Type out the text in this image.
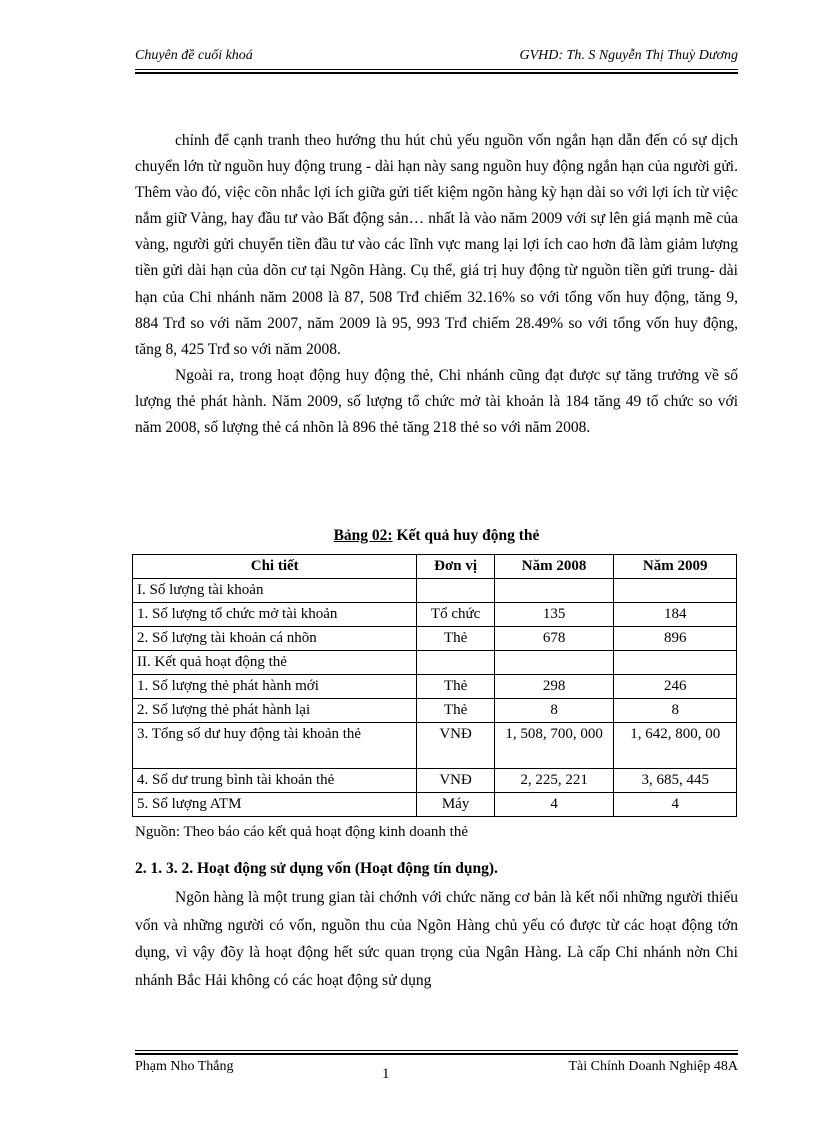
Chuyên đề cuối khoá	GVHD: Th. S Nguyễn Thị Thuỳ Dương

chỉnh để cạnh tranh theo hướng thu hút chủ yếu nguồn vốn ngắn hạn dẫn đến có sự dịch chuyển lớn từ nguồn huy động trung - dài hạn này sang nguồn huy động ngắn hạn của người gửi. Thêm vào đó, việc cõn nhắc lợi ích giữa gửi tiết kiệm ngõn hàng kỳ hạn dài so với lợi ích từ việc nắm giữ Vàng, hay đầu tư vào Bất động sản… nhất là vào năm 2009 với sự lên giá mạnh mẽ của vàng, người gửi chuyển tiền đầu tư vào các lĩnh vực mang lại lợi ích cao hơn đã làm giảm lượng tiền gửi dài hạn của dõn cư tại Ngõn Hàng. Cụ thể, giá trị huy động từ nguồn tiền gửi trung- dài hạn của Chi nhánh năm 2008 là 87, 508 Trđ chiếm 32.16% so với tổng vốn huy động, tăng 9, 884 Trđ so với năm 2007, năm 2009 là 95, 993 Trđ chiếm 28.49% so với tổng vốn huy động, tăng 8, 425 Trđ so với năm 2008.

Ngoài ra, trong hoạt động huy động thẻ, Chi nhánh cũng đạt được sự tăng trưởng về số lượng thẻ phát hành. Năm 2009, số lượng tổ chức mở tài khoản là 184 tăng 49 tổ chức so với năm 2008, số lượng thẻ cá nhõn là 896 thẻ tăng 218 thẻ so với năm 2008.

Bảng 02: Kết quả huy động thẻ
Chi tiết	Đơn vị	Năm 2008	Năm 2009
I. Số lượng tài khoản			
1. Số lượng tổ chức mở tài khoản	Tổ chức	135	184
2. Số lượng tài khoản cá nhõn	Thẻ	678	896
II. Kết quả hoạt động thẻ			
1. Số lượng thẻ phát hành mới	Thẻ	298	246
2. Số lượng thẻ phát hành lại	Thẻ	8	8
3. Tổng số dư huy động tài khoản thẻ	VNĐ	1, 508, 700, 000	1, 642, 800, 00
4. Số dư trung bình tài khoản thẻ	VNĐ	2, 225, 221	3, 685, 445
5. Số lượng ATM	Máy	4	4
Nguồn: Theo báo cáo kết quả hoạt động kinh doanh thẻ
2. 1. 3. 2. Hoạt động sử dụng vốn (Hoạt động tín dụng).

Ngõn hàng là một trung gian tài chớnh với chức năng cơ bản là kết nối những người thiếu vốn và những người có vốn, nguồn thu của Ngõn Hàng chủ yếu có được từ các hoạt động tớn dụng, vì vậy đõy là hoạt động hết sức quan trọng của Ngân Hàng. Là cấp Chi nhánh nờn Chi nhánh Bắc Hải không có các hoạt động sử dụng

Phạm Nho Thắng	1	Tài Chính Doanh Nghiệp 48A
